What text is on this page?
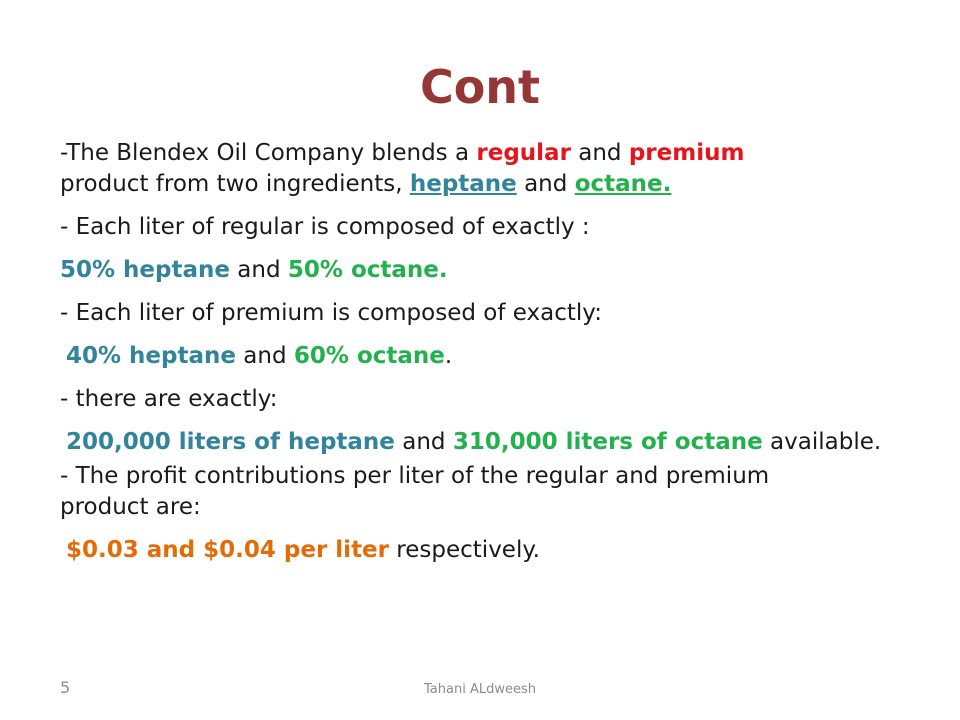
Cont

-The Blendex Oil Company blends a regular and premium

product from two ingredients, heptane and octane.

- Each liter of regular is composed of exactly :

50% heptane and 50% octane.

- Each liter of premium is composed of exactly:

40% heptane and 60% octane.

- there are exactly:

200,000 liters of heptane and 310,000 liters of octane available.

- The profit contributions per liter of the regular and premium

product are:

$0.03 and $0.04 per liter respectively.

5	Tahani ALdweesh
